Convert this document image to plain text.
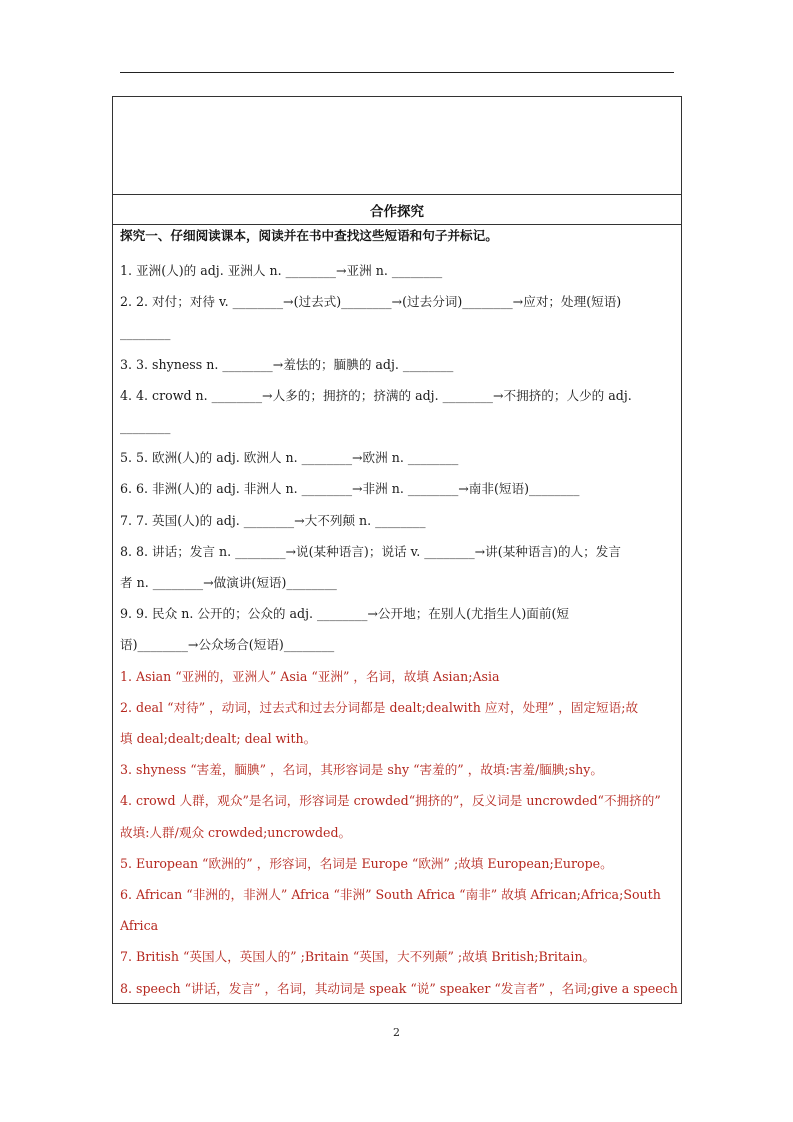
合作探究
探究一、仔细阅读课本，阅读并在书中查找这些短语和句子并标记。
1. 亚洲(人)的 adj. 亚洲人 n. ________→亚洲 n. ________
2. 2. 对付；对待 v. ________→(过去式)________→(过去分词)________→应对；处理(短语)
________
3. 3. shyness n. ________→羞怯的；腼腆的 adj. ________
4. 4. crowd n. ________→人多的；拥挤的；挤满的 adj. ________→不拥挤的；人少的 adj.
________
5. 5. 欧洲(人)的 adj. 欧洲人 n. ________→欧洲 n. ________
6. 6. 非洲(人)的 adj. 非洲人 n. ________→非洲 n. ________→南非(短语)________
7. 7. 英国(人)的 adj. ________→大不列颠 n. ________
8. 8. 讲话；发言 n. ________→说(某种语言)；说话 v. ________→讲(某种语言)的人；发言
者 n. ________→做演讲(短语)________
9. 9. 民众 n. 公开的；公众的 adj. ________→公开地；在别人(尤指生人)面前(短
语)________→公众场合(短语)________
1. Asian “亚洲的，亚洲人” Asia “亚洲” ，名词，故填 Asian;Asia
2. deal “对待” ，动词，过去式和过去分词都是 dealt;dealwith 应对，处理” ，固定短语;故
填 deal;dealt;dealt; deal with。
3. shyness “害羞，腼腆” ，名词，其形容词是 shy “害羞的” ，故填:害羞/腼腆;shy。
4. crowd 人群，观众”是名词，形容词是 crowded“拥挤的”，反义词是 uncrowded“不拥挤的”
故填:人群/观众 crowded;uncrowded。
5. European “欧洲的” ，形容词，名词是 Europe “欧洲” ;故填 European;Europe。
6. African “非洲的，非洲人” Africa “非洲” South Africa “南非” 故填 African;Africa;South
Africa
7. British “英国人，英国人的” ;Britain “英国，大不列颠” ;故填 British;Britain。
8. speech “讲话，发言” ，名词，其动词是 speak “说” speaker “发言者” ，名词;give a speech
2
